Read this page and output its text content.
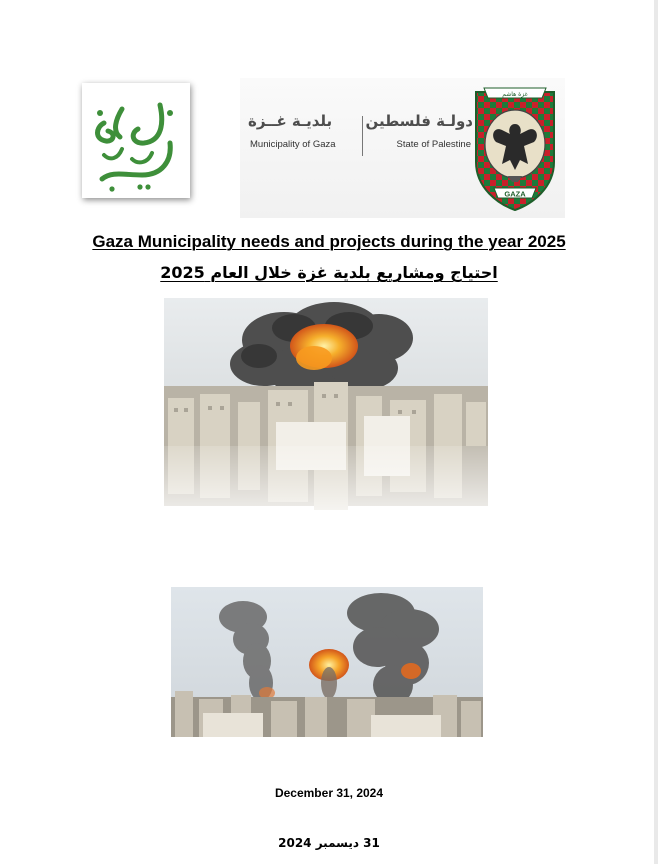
بلديـة غــزة دولـة فلسطين
Municipality of Gaza	State of Palestine
غزة هاشم
GAZA
Gaza Municipality needs and projects during the year 2025
احتياج ومشاريع بلدية غزة خلال العام 2025
December 31, 2024
31 ديسمبر 2024
